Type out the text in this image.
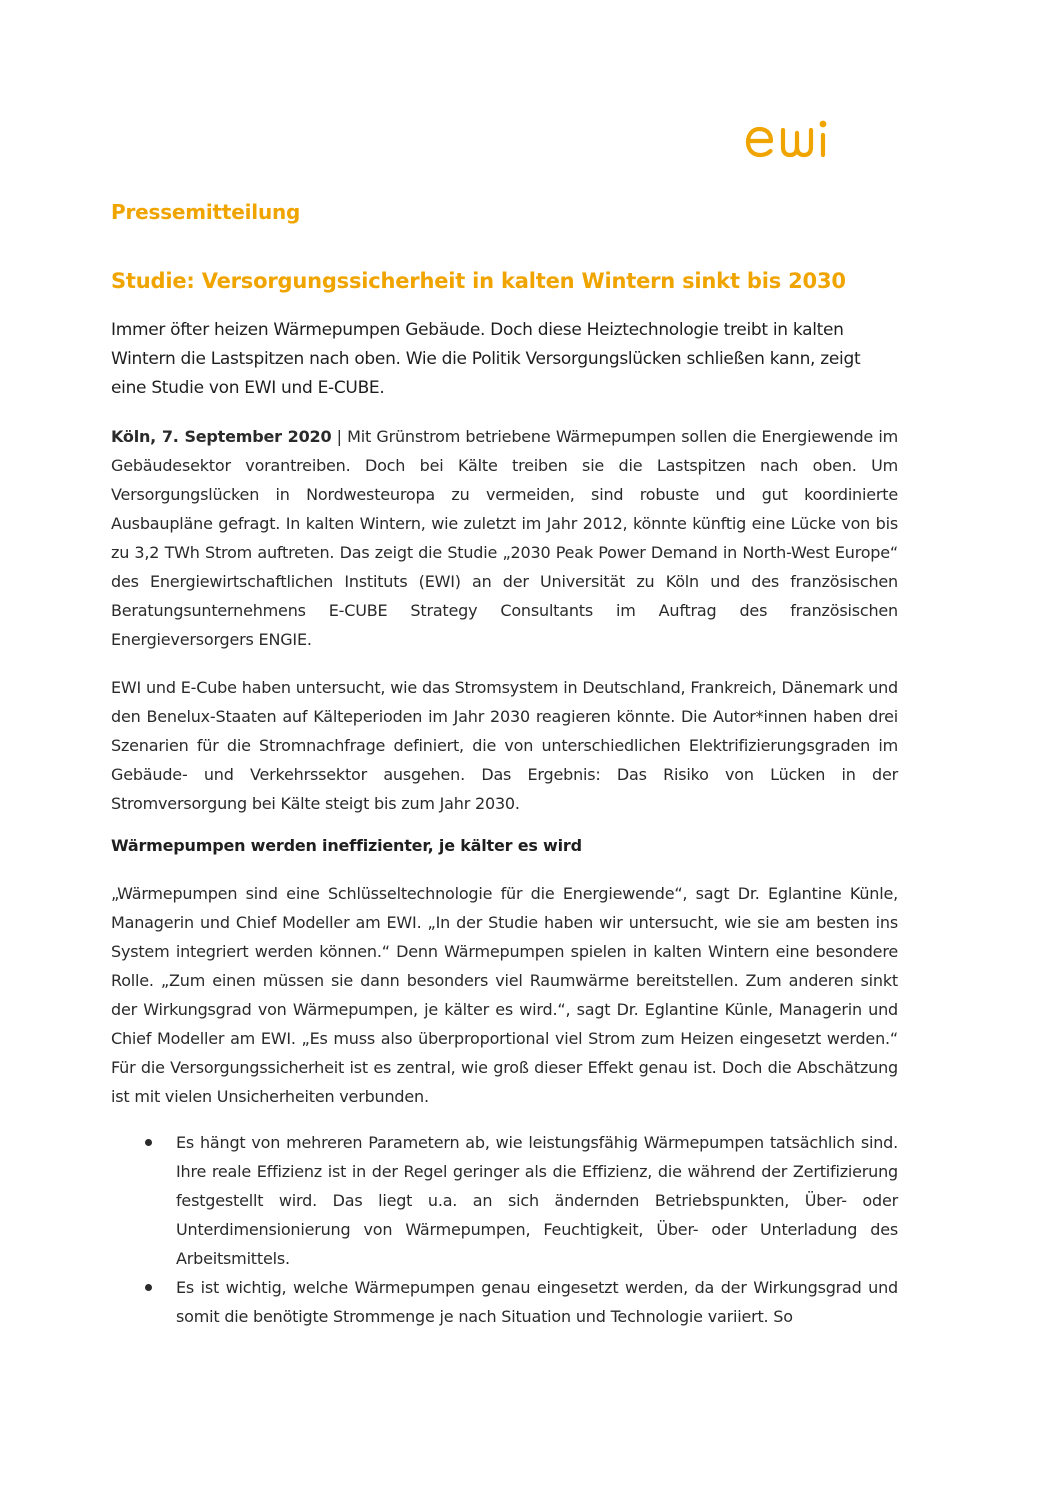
Pressemitteilung
Studie: Versorgungssicherheit in kalten Wintern sinkt bis 2030

Immer öfter heizen Wärmepumpen Gebäude. Doch diese Heiztechnologie treibt in kalten Wintern die Lastspitzen nach oben. Wie die Politik Versorgungslücken schließen kann, zeigt eine Studie von EWI und E-CUBE.

Köln, 7. September 2020 | Mit Grünstrom betriebene Wärmepumpen sollen die Energiewende im Gebäudesektor vorantreiben. Doch bei Kälte treiben sie die Lastspitzen nach oben. Um Versorgungslücken in Nordwesteuropa zu vermeiden, sind robuste und gut koordinierte Ausbaupläne gefragt. In kalten Wintern, wie zuletzt im Jahr 2012, könnte künftig eine Lücke von bis zu 3,2 TWh Strom auftreten. Das zeigt die Studie „2030 Peak Power Demand in North-West Europe“ des Energiewirtschaftlichen Instituts (EWI) an der Universität zu Köln und des französischen Beratungsunternehmens E-CUBE Strategy Consultants im Auftrag des französischen Energieversorgers ENGIE.

EWI und E-Cube haben untersucht, wie das Stromsystem in Deutschland, Frankreich, Dänemark und den Benelux-Staaten auf Kälteperioden im Jahr 2030 reagieren könnte. Die Autor*innen haben drei Szenarien für die Stromnachfrage definiert, die von unterschiedlichen Elektrifizierungsgraden im Gebäude- und Verkehrssektor ausgehen. Das Ergebnis: Das Risiko von Lücken in der Stromversorgung bei Kälte steigt bis zum Jahr 2030.

Wärmepumpen werden ineffizienter, je kälter es wird

„Wärmepumpen sind eine Schlüsseltechnologie für die Energiewende“, sagt Dr. Eglantine Künle, Managerin und Chief Modeller am EWI. „In der Studie haben wir untersucht, wie sie am besten ins System integriert werden können.“ Denn Wärmepumpen spielen in kalten Wintern eine besondere Rolle. „Zum einen müssen sie dann besonders viel Raumwärme bereitstellen. Zum anderen sinkt der Wirkungsgrad von Wärmepumpen, je kälter es wird.“, sagt Dr. Eglantine Künle, Managerin und Chief Modeller am EWI. „Es muss also überproportional viel Strom zum Heizen eingesetzt werden.“ Für die Versorgungssicherheit ist es zentral, wie groß dieser Effekt genau ist. Doch die Abschätzung ist mit vielen Unsicherheiten verbunden.

Es hängt von mehreren Parametern ab, wie leistungsfähig Wärmepumpen tatsächlich sind. Ihre reale Effizienz ist in der Regel geringer als die Effizienz, die während der Zertifizierung festgestellt wird. Das liegt u.a. an sich ändernden Betriebspunkten, Über- oder Unterdimensionierung von Wärmepumpen, Feuchtigkeit, Über- oder Unterladung des Arbeitsmittels.
Es ist wichtig, welche Wärmepumpen genau eingesetzt werden, da der Wirkungsgrad und somit die benötigte Strommenge je nach Situation und Technologie variiert. So
